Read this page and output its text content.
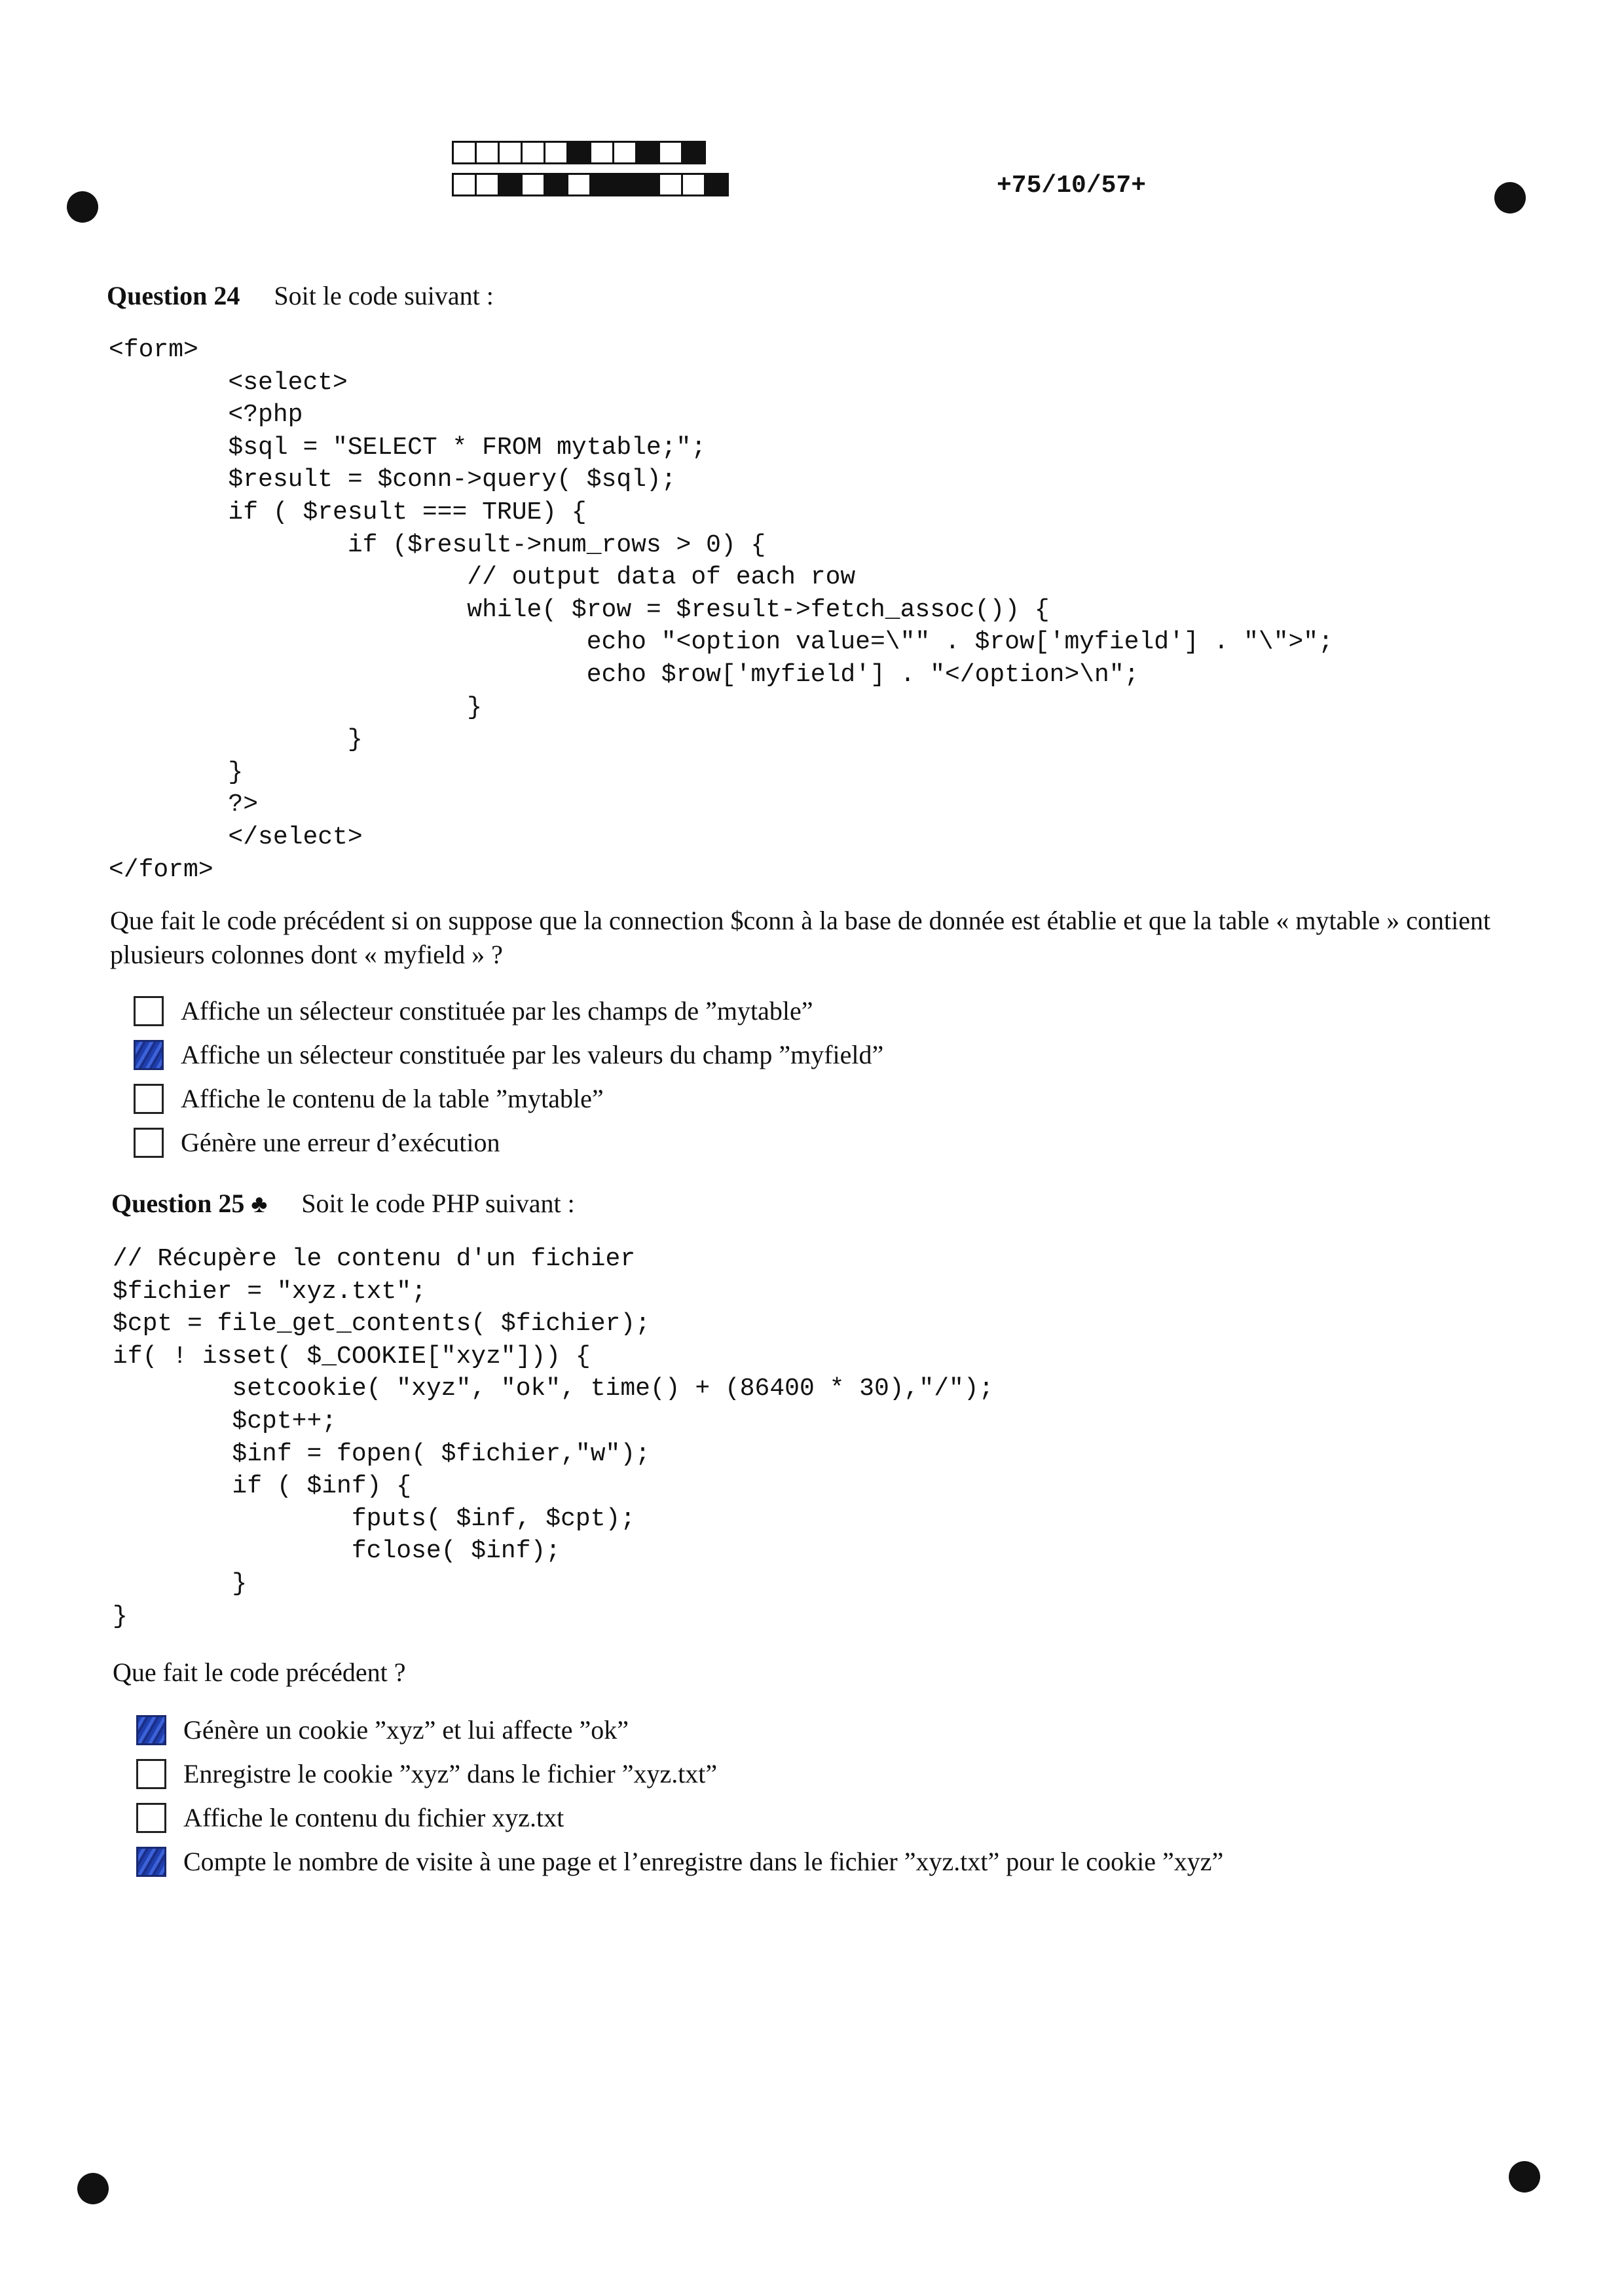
+75/10/57+
Question 24 Soit le code suivant :
<form>
<select>
<?php
$sql = "SELECT * FROM mytable;";
$result = $conn->query( $sql);
if ( $result === TRUE) {
if ($result->num_rows > 0) {
// output data of each row
while( $row = $result->fetch_assoc()) {
echo "<option value=\"" . $row['myfield'] . "\">";
echo $row['myfield'] . "</option>\n";
}
}
}
?>
</select>
</form>
Que fait le code précédent si on suppose que la connection $conn à la base de donnée est établie et que la table « mytable » contient plusieurs colonnes dont « myfield » ?
Affiche un sélecteur constituée par les champs de ”mytable”
Affiche un sélecteur constituée par les valeurs du champ ”myfield”
Affiche le contenu de la table ”mytable”
Génère une erreur d’exécution
Question 25 ♣ Soit le code PHP suivant :
// Récupère le contenu d'un fichier
$fichier = "xyz.txt";
$cpt = file_get_contents( $fichier);
if( ! isset( $_COOKIE["xyz"])) {
setcookie( "xyz", "ok", time() + (86400 * 30),"/");
$cpt++;
$inf = fopen( $fichier,"w");
if ( $inf) {
fputs( $inf, $cpt);
fclose( $inf);
}
}
Que fait le code précédent ?
Génère un cookie ”xyz” et lui affecte ”ok”
Enregistre le cookie ”xyz” dans le fichier ”xyz.txt”
Affiche le contenu du fichier xyz.txt
Compte le nombre de visite à une page et l’enregistre dans le fichier ”xyz.txt” pour le cookie ”xyz”
